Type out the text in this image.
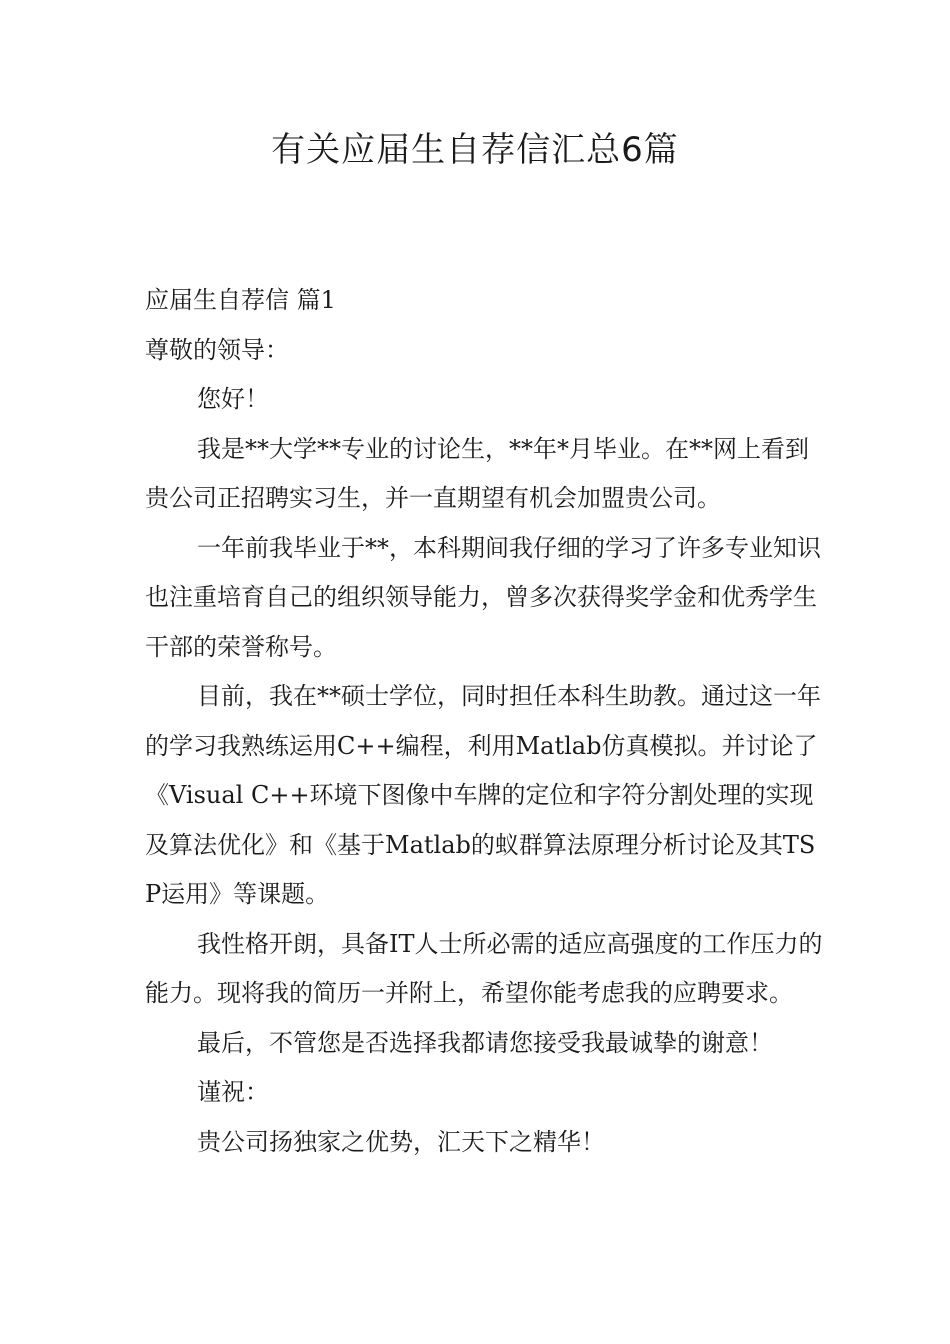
有关应届生自荐信汇总6篇

应届生自荐信 篇1

尊敬的领导：

您好！

我是**大学**专业的讨论生，**年*月毕业。在**网上看到贵公司正招聘实习生，并一直期望有机会加盟贵公司。

一年前我毕业于**，本科期间我仔细的学习了许多专业知识也注重培育自己的组织领导能力，曾多次获得奖学金和优秀学生干部的荣誉称号。

目前，我在**硕士学位，同时担任本科生助教。通过这一年的学习我熟练运用C++编程，利用Matlab仿真模拟。并讨论了《Visual C++环境下图像中车牌的定位和字符分割处理的实现及算法优化》和《基于Matlab的蚁群算法原理分析讨论及其TSP运用》等课题。

我性格开朗，具备IT人士所必需的适应高强度的工作压力的能力。现将我的简历一并附上，希望你能考虑我的应聘要求。

最后，不管您是否选择我都请您接受我最诚挚的谢意！

谨祝：

贵公司扬独家之优势，汇天下之精华！
